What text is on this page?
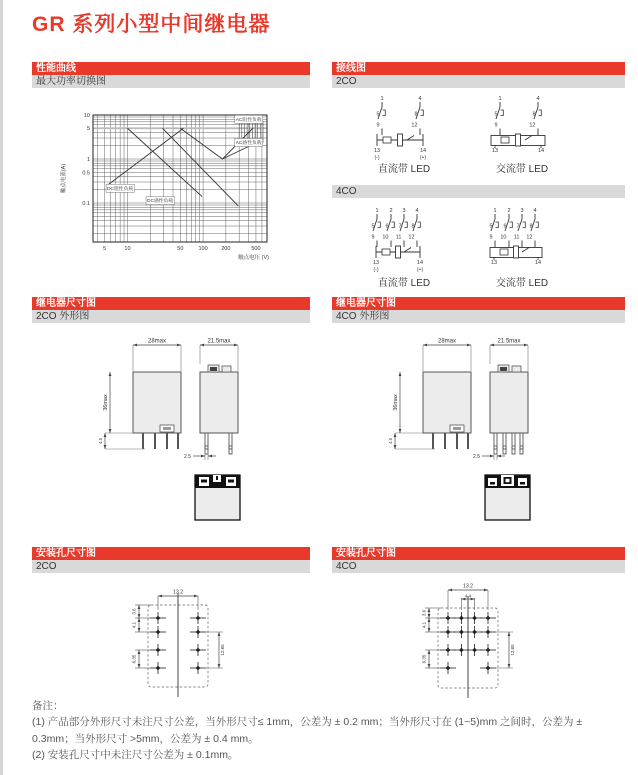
GR 系列小型中间继电器
性能曲线
最大功率切换图
接线图
2CO
4CO
5	10	50	100 200	500
10
5
1
0.5
0.1
触点电流(A)
触点电压 (V)
AC阻性负载
AC感性负载
DC阻性负载
DC感性负载
1
5
9
4
8
12
13	14
(-)	(+)
1
5
9
4
8
12
13	14
直流带 LED	交流带 LED
1
5
9
2
6
10
3
7
11
4
8
12
13	14
(-)	(+)
1
5
9
2
6
10
3
7
11
4
8
12
13	14
直流带 LED	交流带 LED
继电器尺寸图
2CO 外形图
继电器尺寸图
4CO 外形图
28max
36max
4.5
21.5max
2.5
28max
36max
4.5
21.5max
2.5
安装孔尺寸图
2CO
安装孔尺寸图
4CO
13.2
3.6
4.1
6.35
12.65
13.2
4.4
3.6
4.1
6.35
12.65

备注：

(1) 产品部分外形尺寸未注尺寸公差，当外形尺寸≤ 1mm，公差为 ± 0.2 mm；当外形尺寸在 (1~5)mm 之间时，公差为 ± 0.3mm；当外形尺寸 >5mm，公差为 ± 0.4 mm。

(2) 安装孔尺寸中未注尺寸公差为 ± 0.1mm。
